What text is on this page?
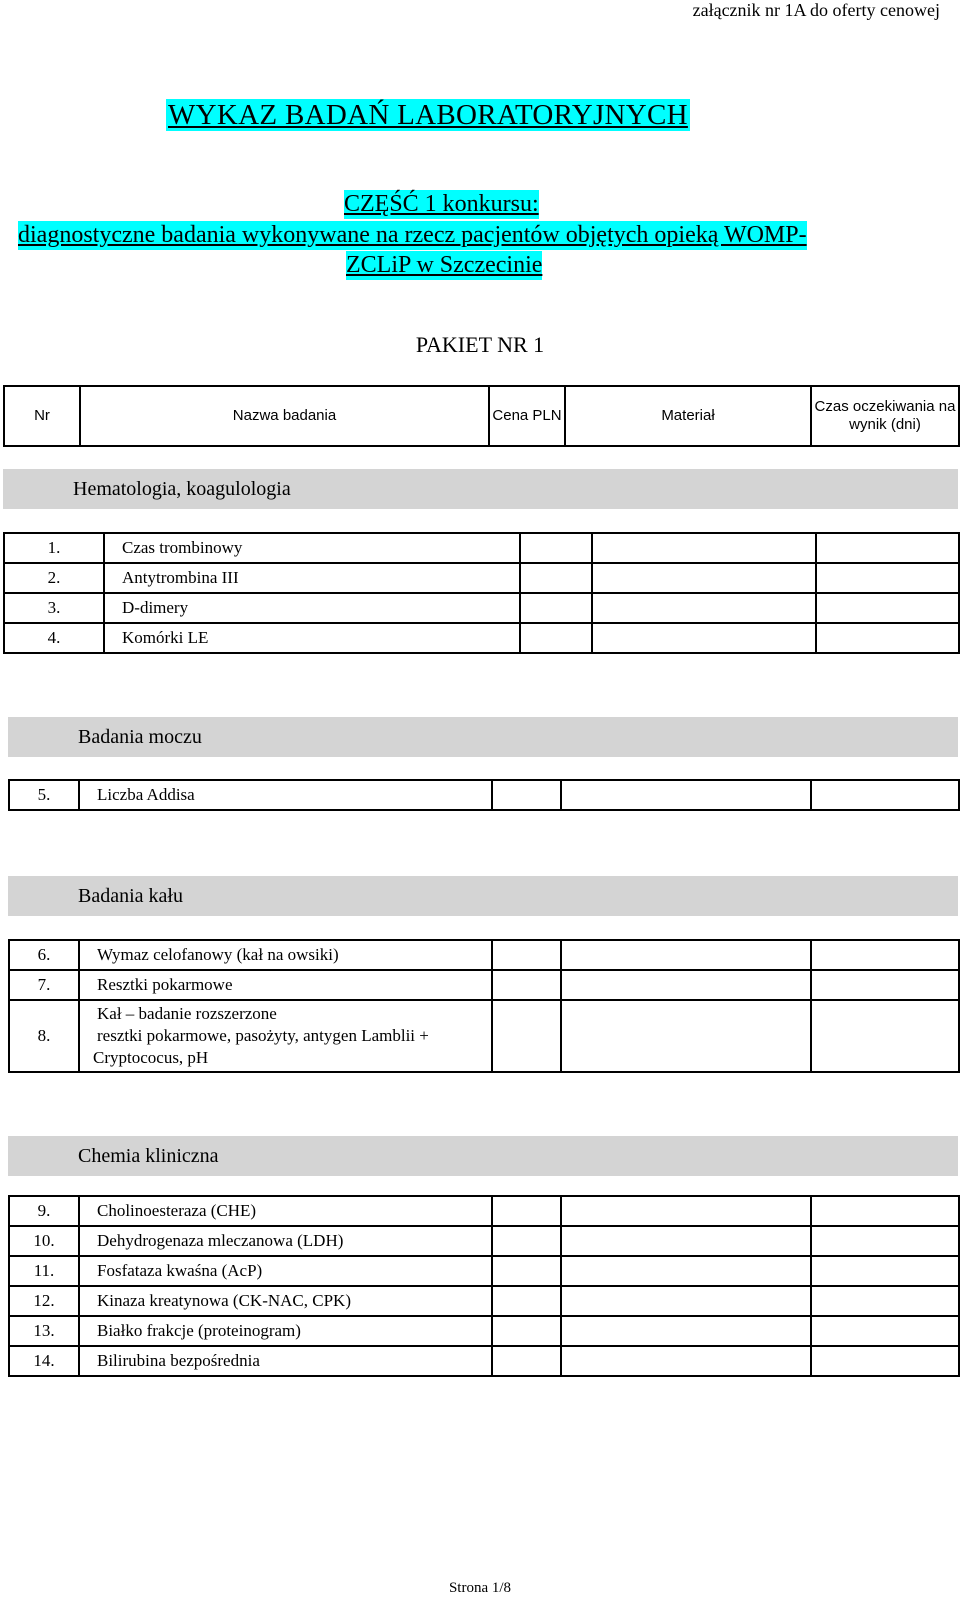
załącznik nr 1A do oferty cenowej
WYKAZ BADAŃ LABORATORYJNYCH
CZĘŚĆ 1 konkursu:
diagnostyczne badania wykonywane na rzecz pacjentów objętych opieką WOMP-
ZCLiP w Szczecinie
PAKIET NR 1
Nr	Nazwa badania	Cena PLN	Materiał	Czas oczekiwania na wynik (dni)
Hematologia, koagulologia
1.	Czas trombinowy			
2.	Antytrombina III			
3.	D-dimery			
4.	Komórki LE			
Badania moczu
5.	Liczba Addisa			
Badania kału
6.	Wymaz celofanowy (kał na owsiki)			
7.	Resztki pokarmowe			
8.	Kał – badanie rozszerzone
resztki pokarmowe, pasożyty, antygen Lamblii +
Cryptococus, pH			

Chemia kliniczna
9.	Cholinoesteraza (CHE)			
10.	Dehydrogenaza mleczanowa (LDH)			
11.	Fosfataza kwaśna (AcP)			
12.	Kinaza kreatynowa (CK-NAC, CPK)			
13.	Białko frakcje (proteinogram)			
14.	Bilirubina bezpośrednia			
Strona 1/8
